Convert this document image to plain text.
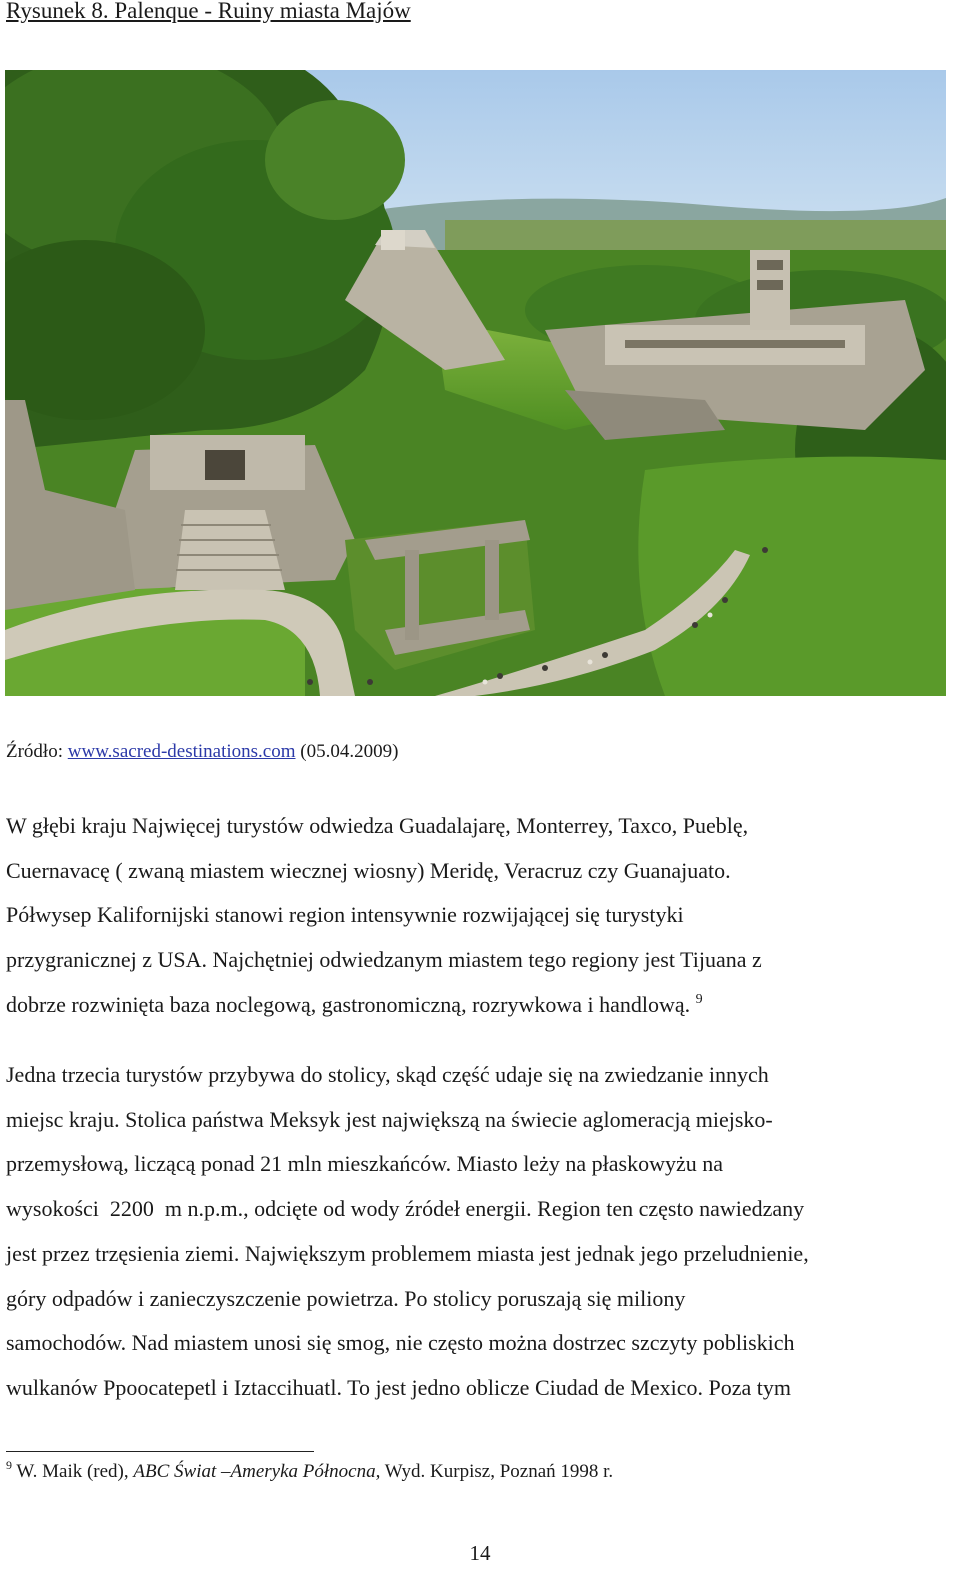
Rysunek 8. Palenque - Ruiny miasta Majów

Źródło: www.sacred-destinations.com (05.04.2009)

W głębi kraju Najwięcej turystów odwiedza Guadalajarę, Monterrey, Taxco, Pueblę,
Cuernavacę ( zwaną miastem wiecznej wiosny) Meridę, Veracruz czy Guanajuato.
Półwysep Kalifornijski stanowi region intensywnie rozwijającej się turystyki
przygranicznej z USA. Najchętniej odwiedzanym miastem tego regiony jest Tijuana z
dobrze rozwinięta baza noclegową, gastronomiczną, rozrywkowa i handlową. $^9$

Jedna trzecia turystów przybywa do stolicy, skąd część udaje się na zwiedzanie innych
miejsc kraju. Stolica państwa Meksyk jest największą na świecie aglomeracją miejsko-
przemysłową, liczącą ponad 21 mln mieszkańców. Miasto leży na płaskowyżu na
wysokości  2200  m n.p.m., odcięte od wody źródeł energii. Region ten często nawiedzany
jest przez trzęsienia ziemi. Największym problemem miasta jest jednak jego przeludnienie,
góry odpadów i zanieczyszczenie powietrza. Po stolicy poruszają się miliony
samochodów. Nad miastem unosi się smog, nie często można dostrzec szczyty pobliskich
wulkanów Ppoocatepetl i Iztaccihuatl. To jest jedno oblicze Ciudad de Mexico. Poza tym

$^9$ W. Maik (red), ABC Świat –Ameryka Północna, Wyd. Kurpisz, Poznań 1998 r.

14
